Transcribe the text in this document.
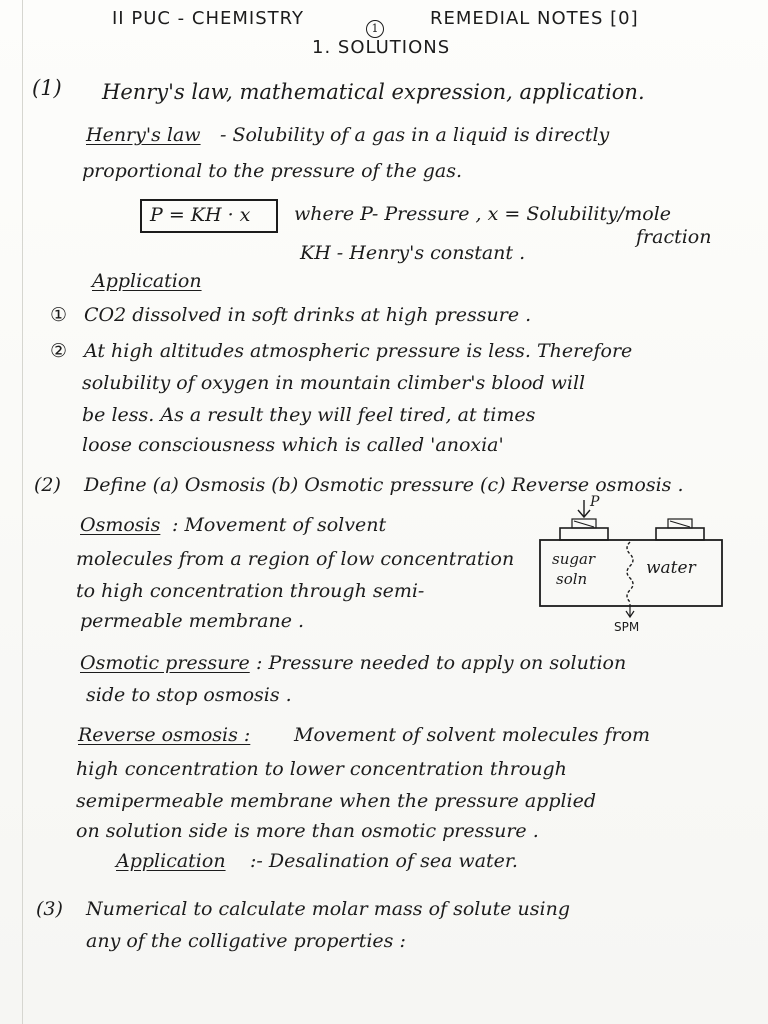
II PUC - CHEMISTRY	REMEDIAL NOTES [0]
1
1. SOLUTIONS
(1) Henry's law, mathematical expression, application.
Henry's law - Solubility of a gas in a liquid is directly
proportional to the pressure of the gas.
P = KH · x where P- Pressure , x = Solubility/mole
fraction
KH - Henry's constant .
Application
① CO2 dissolved in soft drinks at high pressure .
② At high altitudes atmospheric pressure is less. Therefore
solubility of oxygen in mountain climber's blood will
be less. As a result they will feel tired, at times
loose consciousness which is called 'anoxia'
(2) Define (a) Osmosis (b) Osmotic pressure (c) Reverse osmosis .
Osmosis : Movement of solvent
molecules from a region of low concentration
to high concentration through semi-
permeable membrane .
P
sugar
soln
water
SPM
Osmotic pressure : Pressure needed to apply on solution
side to stop osmosis .
Reverse osmosis : Movement of solvent molecules from
high concentration to lower concentration through
semipermeable membrane when the pressure applied
on solution side is more than osmotic pressure .
Application :- Desalination of sea water.
(3) Numerical to calculate molar mass of solute using
any of the colligative properties :
